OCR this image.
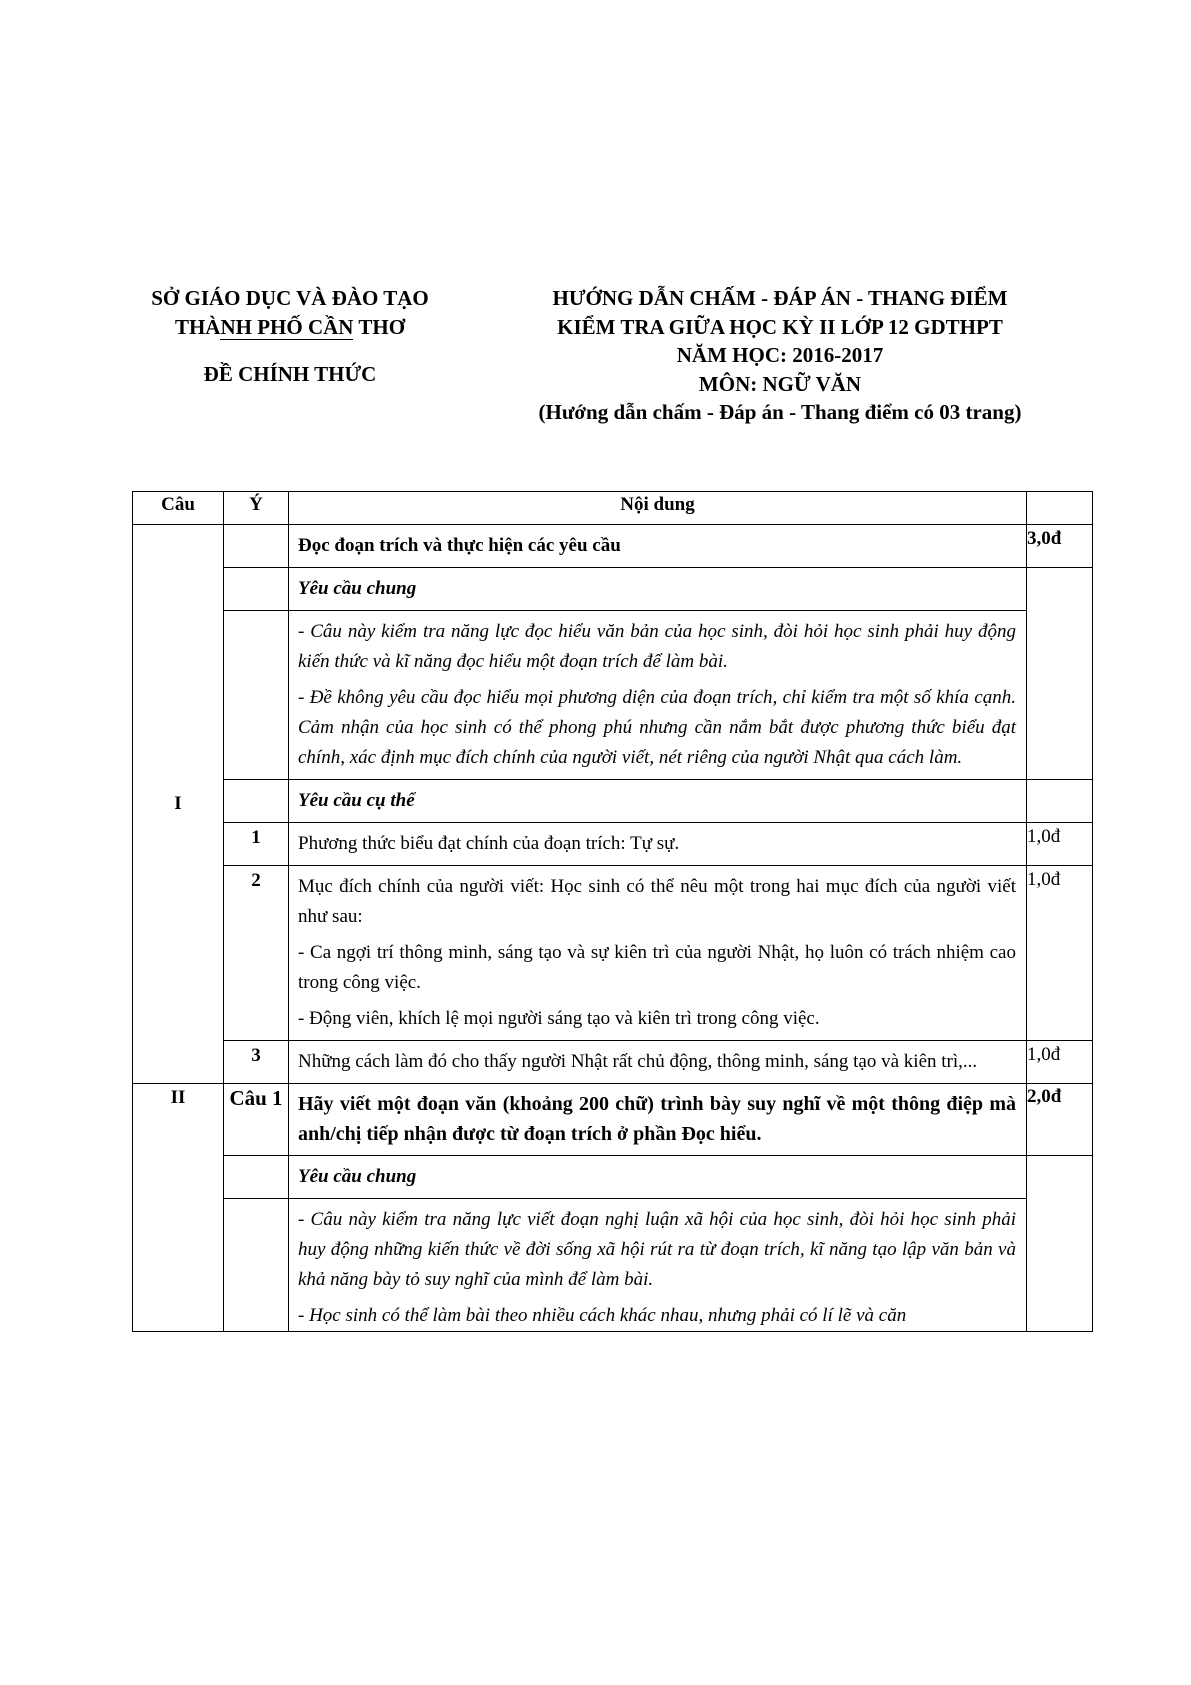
SỞ GIÁO DỤC VÀ ĐÀO TẠO
THÀNH PHỐ CẦN THƠ
ĐỀ CHÍNH THỨC
HƯỚNG DẪN CHẤM - ĐÁP ÁN - THANG ĐIỂM
KIỂM TRA GIỮA HỌC KỲ II LỚP 12 GDTHPT
NĂM HỌC: 2016-2017
MÔN: NGỮ VĂN
(Hướng dẫn chấm - Đáp án - Thang điểm có 03 trang)
Câu	Ý	Nội dung	

I		Đọc đoạn trích và thực hiện các yêu cầu	3,0đ

		Yêu cầu chung	

		- Câu này kiểm tra năng lực đọc hiểu văn bản của học sinh, đòi hỏi học sinh phải huy động kiến thức và kĩ năng đọc hiểu một đoạn trích để làm bài.

- Đề không yêu cầu đọc hiểu mọi phương diện của đoạn trích, chỉ kiểm tra một số khía cạnh. Cảm nhận của học sinh có thể phong phú nhưng cần nắm bắt được phương thức biểu đạt chính, xác định mục đích chính của người viết, nét riêng của người Nhật qua cách làm.	

		Yêu cầu cụ thể	

	1	Phương thức biểu đạt chính của đoạn trích: Tự sự.	1,0đ
	2	Mục đích chính của người viết: Học sinh có thể nêu một trong hai mục đích của người viết như sau:

- Ca ngợi trí thông minh, sáng tạo và sự kiên trì của người Nhật, họ luôn có trách nhiệm cao trong công việc.

- Động viên, khích lệ mọi người sáng tạo và kiên trì trong công việc.	1,0đ
	3	Những cách làm đó cho thấy người Nhật rất chủ động, thông minh, sáng tạo và kiên trì,...	1,0đ

II	Câu 1	Hãy viết một đoạn văn (khoảng 200 chữ) trình bày suy nghĩ về một thông điệp mà anh/chị tiếp nhận được từ đoạn trích ở phần Đọc hiểu.	2,0đ

		Yêu cầu chung	

		- Câu này kiểm tra năng lực viết đoạn nghị luận xã hội của học sinh, đòi hỏi học sinh phải huy động những kiến thức về đời sống xã hội rút ra từ đoạn trích, kĩ năng tạo lập văn bản và khả năng bày tỏ suy nghĩ của mình để làm bài.

- Học sinh có thể làm bài theo nhiều cách khác nhau, nhưng phải có lí lẽ và căn	
